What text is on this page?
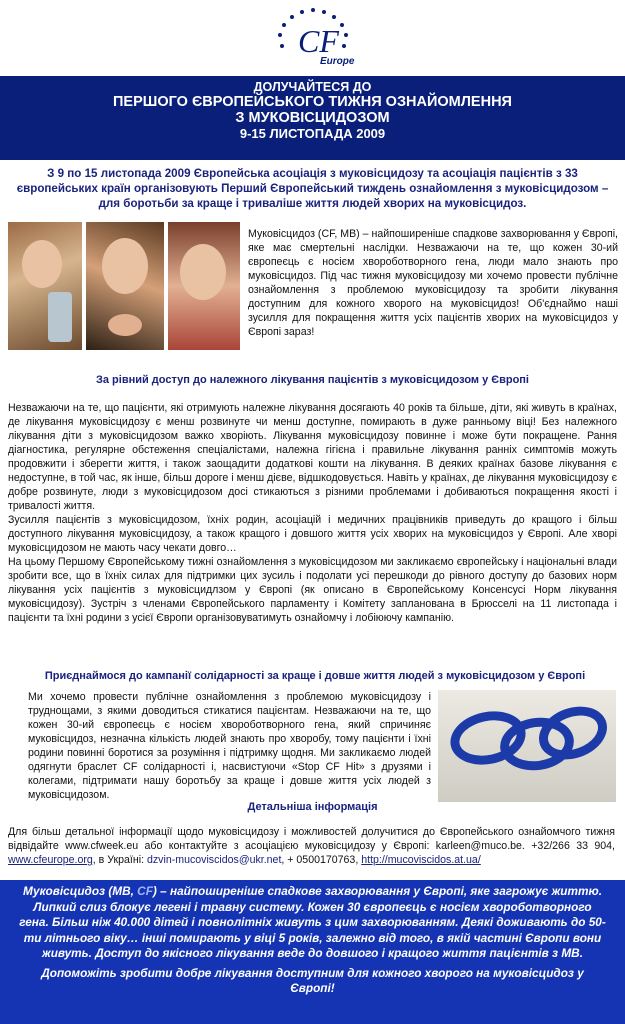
CF
Europe
ДОЛУЧАЙТЕСЯ ДО
ПЕРШОГО ЄВРОПЕЙСЬКОГО ТИЖНЯ ОЗНАЙОМЛЕННЯ
З МУКОВІСЦИДОЗОМ
9-15 ЛИСТОПАДА 2009
З 9 по 15 листопада 2009 Європейська асоціація з муковісцидозу та асоціація пацієнтів з 33 європейських країн організовують Перший Європейський тиждень ознайомлення з муковісцидозом – для боротьби за краще і триваліше життя людей хворих на муковісцидоз.
Муковісцидоз (CF, МВ) – найпоширеніше спадкове захворювання у Європі, яке має смертельні наслідки. Незважаючи на те, що кожен 30-ий європеєць є носієм хвороботворного гена, люди мало знають про муковісцидоз. Під час тижня муковісцидозу ми хочемо провести публічне ознайомлення з проблемою муковісцидозу та зробити лікування доступним для кожного хворого на муковісцидоз! Об'єднаймо наші зусилля для покращення життя усіх пацієнтів хворих на муковісцидоз у Європі зараз!
За рівний доступ до належного лікування пацієнтів з муковісцидозом у Європі
Незважаючи на те, що пацієнти, які отримують належне лікування досягають 40 років та більше, діти, які живуть в країнах, де лікування муковісцидозу є менш розвинуте чи менш доступне, помирають в дуже ранньому віці! Без належного лікування діти з муковісцидозом важко хворіють. Лікування муковісцидозу повинне і може бути покращене. Рання діагностика, регулярне обстеження спеціалістами, належна гігієна і правильне лікування ранніх симптомів можуть продовжити і зберегти життя, і також заощадити додаткові кошти на лікування. В деяких країнах базове лікування є недоступне, в той час, як інше, більш дороге і менш дієве, відшкодовується. Навіть у країнах, де лікування муковісцидозу є добре розвинуте, люди з муковісцидозом досі стикаються з різними проблемами і добиваються покращення якості і тривалості життя.
Зусилля пацієнтів з муковісцидозом, їхніх родин, асоціацій і медичних працівників приведуть до кращого і більш доступного лікування муковісцидозу, а також кращого і довшого життя усіх хворих на муковісцидоз у Європі. Але хворі муковісцидозом не мають часу чекати довго…
На цьому Першому Європейському тижні ознайомлення з муковісцидозом ми закликаємо європейську і національні влади зробити все, що в їхніх силах для підтримки цих зусиль і подолати усі перешкоди до рівного доступу до базових норм лікування усіх пацієнтів з муковісцидлзом у Європі (як описано в Європейському Консенсусі Норм лікування муковісцидозу). Зустріч з членами Європейського парламенту і Комітету запланована в Брюсселі на 11 листопада і пацієнти та їхні родини з усієї Європи організовуватимуть ознайомчу і лобіюючу кампанію.
Приєднаймося до кампанії солідарності за краще і довше життя людей з муковісцидозом у Європі
Ми хочемо провести публічне ознайомлення з проблемою муковісцидозу і труднощами, з якими доводиться стикатися пацієнтам. Незважаючи на те, що кожен 30-ий європеєць є носієм хвороботворного гена, який спричиняє муковісцидоз, незначна кількість людей знають про хворобу, тому пацієнти і їхні родини повинні боротися за розуміння і підтримку щодня. Ми закликаємо людей одягнути браслет CF солідарності і, насвистуючи «Stop CF Hit» з друзями і колегами, підтримати нашу боротьбу за краще і довше життя усіх людей з муковісцидозом.
Детальніша інформація
Для більш детальної інформації щодо муковісцидозу і можливостей долучитися до Європейського ознайомчого тижня відвідайте www.cfweek.eu або контактуйте з асоціацією муковісцидозу у Європі: karleen@muco.be. +32/266 33 904, www.cfeurope.org, в Україні: dzvin-mucoviscidos@ukr.net, + 0500170763, http://mucoviscidos.at.ua/
Муковісцидоз (МВ, CF) – найпоширеніше спадкове захворювання у Європі, яке загрожує життю. Липкий слиз блокує легені і травну систему. Кожен 30 європеєць є носієм хвороботворного гена. Більш ніж 40.000 дітей і повнолітніх живуть з цим захворюванням. Деякі доживають до 50-ти літнього віку… інші помирають у віці 5 років, залежно від того, в якій частині Європи вони живуть. Доступ до якісного лікування веде до довшого і кращого життя пацієнтів з МВ.
Допоможіть зробити добре лікування доступним для кожного хворого на муковісцидоз у Європі!
